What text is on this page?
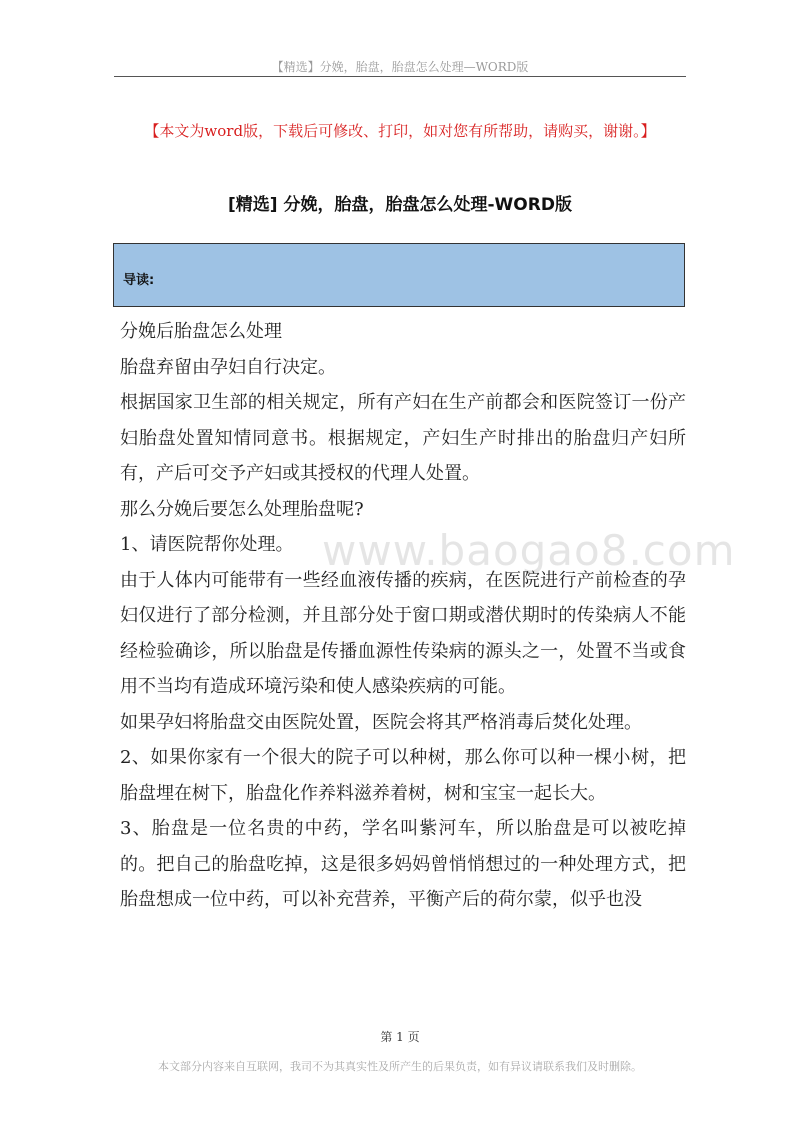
【精选】分娩，胎盘，胎盘怎么处理—WORD版
【本文为word版，下载后可修改、打印，如对您有所帮助，请购买，谢谢。】
[精选] 分娩，胎盘，胎盘怎么处理-WORD版
导读:
www.baogao8.com

分娩后胎盘怎么处理

胎盘弃留由孕妇自行决定。

根据国家卫生部的相关规定，所有产妇在生产前都会和医院签订一份产妇胎盘处置知情同意书。根据规定，产妇生产时排出的胎盘归产妇所有，产后可交予产妇或其授权的代理人处置。

那么分娩后要怎么处理胎盘呢?

1、请医院帮你处理。

由于人体内可能带有一些经血液传播的疾病，在医院进行产前检查的孕妇仅进行了部分检测，并且部分处于窗口期或潜伏期时的传染病人不能经检验确诊，所以胎盘是传播血源性传染病的源头之一，处置不当或食用不当均有造成环境污染和使人感染疾病的可能。

如果孕妇将胎盘交由医院处置，医院会将其严格消毒后焚化处理。

2、如果你家有一个很大的院子可以种树，那么你可以种一棵小树，把胎盘埋在树下，胎盘化作养料滋养着树，树和宝宝一起长大。

3、胎盘是一位名贵的中药，学名叫紫河车，所以胎盘是可以被吃掉的。把自己的胎盘吃掉，这是很多妈妈曾悄悄想过的一种处理方式，把胎盘想成一位中药，可以补充营养，平衡产后的荷尔蒙，似乎也没

第 1 页
本文部分内容来自互联网，我司不为其真实性及所产生的后果负责，如有异议请联系我们及时删除。
